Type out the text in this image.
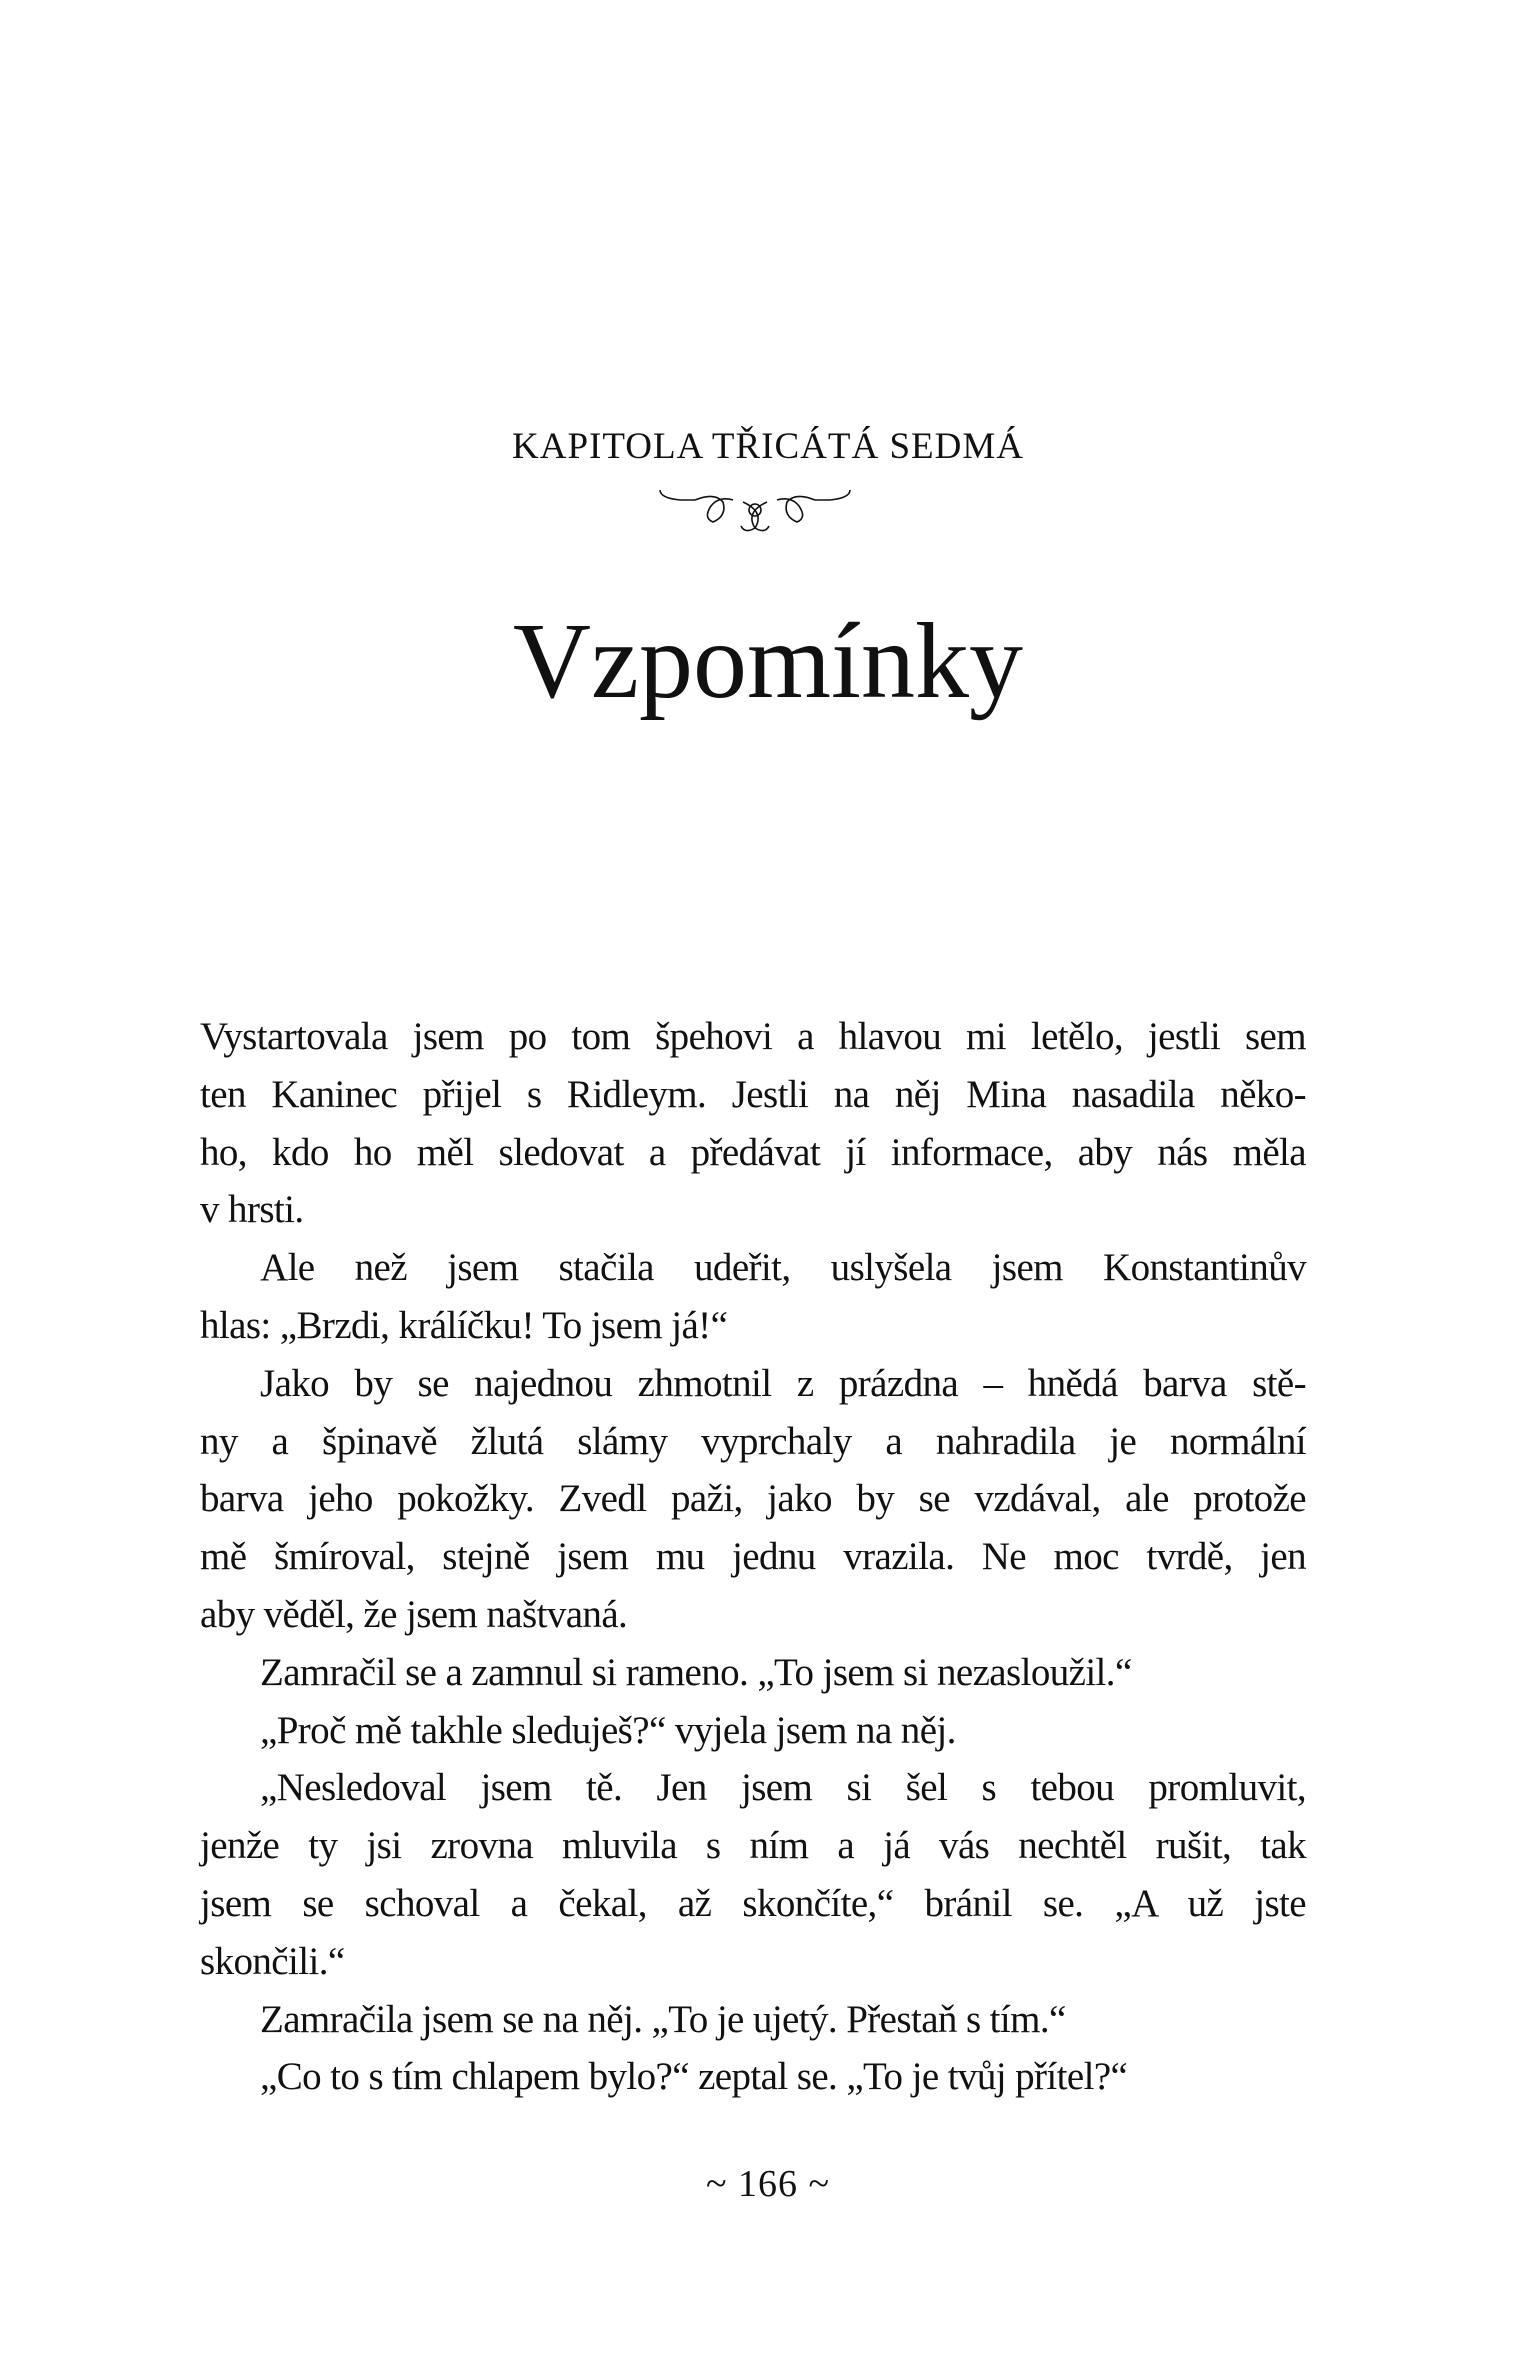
KAPITOLA TŘICÁTÁ SEDMÁ
Vzpomínky
Vystartovala jsem po tom špehovi a hlavou mi letělo, jestli sem
ten Kaninec přijel s Ridleym. Jestli na něj Mina nasadila něko-
ho, kdo ho měl sledovat a předávat jí informace, aby nás měla
v hrsti.
Ale než jsem stačila udeřit, uslyšela jsem Konstantinův
hlas: „Brzdi, králíčku! To jsem já!“
Jako by se najednou zhmotnil z prázdna – hnědá barva stě-
ny a špinavě žlutá slámy vyprchaly a nahradila je normální
barva jeho pokožky. Zvedl paži, jako by se vzdával, ale protože
mě šmíroval, stejně jsem mu jednu vrazila. Ne moc tvrdě, jen
aby věděl, že jsem naštvaná.
Zamračil se a zamnul si rameno. „To jsem si nezasloužil.“
„Proč mě takhle sleduješ?“ vyjela jsem na něj.
„Nesledoval jsem tě. Jen jsem si šel s tebou promluvit,
jenže ty jsi zrovna mluvila s ním a já vás nechtěl rušit, tak
jsem se schoval a čekal, až skončíte,“ bránil se. „A už jste
skončili.“
Zamračila jsem se na něj. „To je ujetý. Přestaň s tím.“
„Co to s tím chlapem bylo?“ zeptal se. „To je tvůj přítel?“
~ 166 ~
